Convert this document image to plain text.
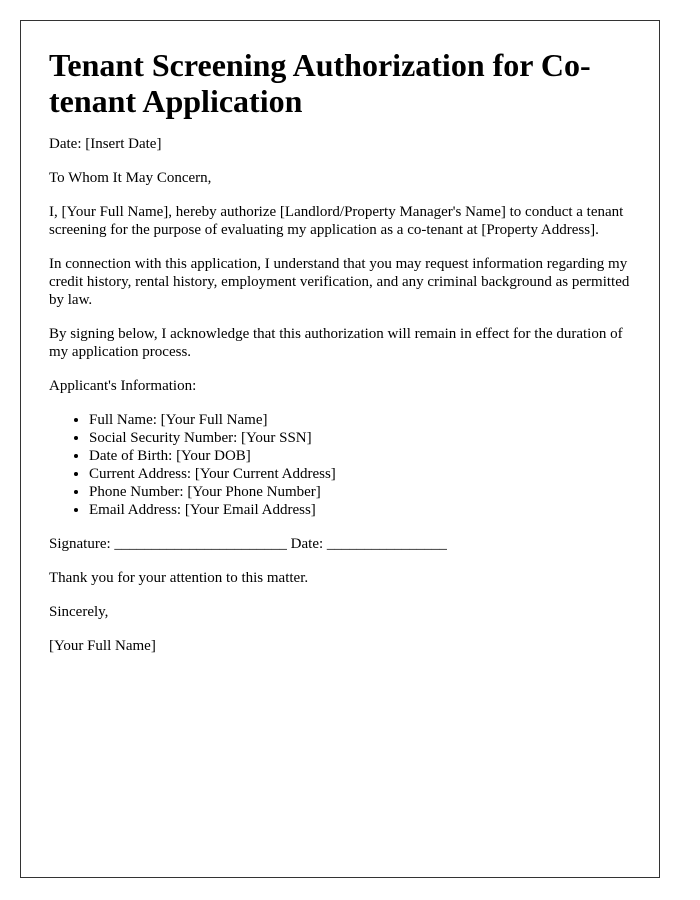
Tenant Screening Authorization for Co-tenant Application

Date: [Insert Date]

To Whom It May Concern,

I, [Your Full Name], hereby authorize [Landlord/Property Manager's Name] to conduct a tenant screening for the purpose of evaluating my application as a co-tenant at [Property Address].

In connection with this application, I understand that you may request information regarding my credit history, rental history, employment verification, and any criminal background as permitted by law.

By signing below, I acknowledge that this authorization will remain in effect for the duration of my application process.

Applicant's Information:

• Full Name: [Your Full Name]
• Social Security Number: [Your SSN]
• Date of Birth: [Your DOB]
• Current Address: [Your Current Address]
• Phone Number: [Your Phone Number]
• Email Address: [Your Email Address]

Signature: _______________________ Date: ________________

Thank you for your attention to this matter.

Sincerely,

[Your Full Name]
